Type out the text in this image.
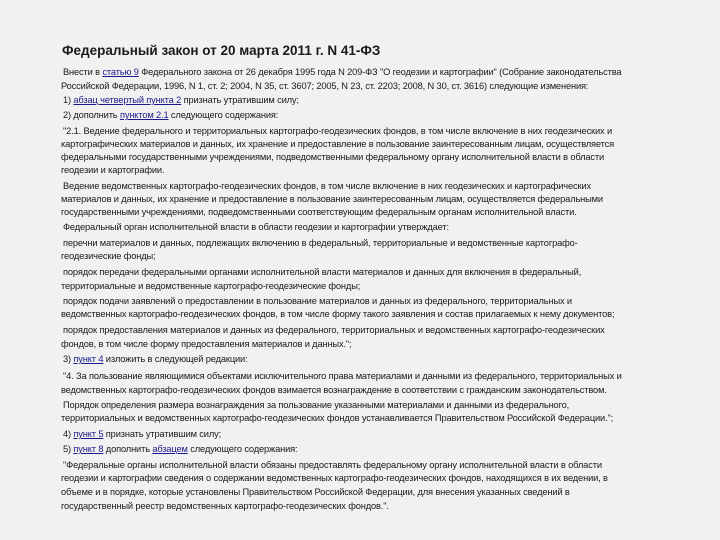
Федеральный закон от 20 марта 2011 г. N 41-ФЗ
Внести в статью 9 Федерального закона от 26 декабря 1995 года N 209-ФЗ "О геодезии и картографии" (Собрание законодательства
Российской Федерации, 1996, N 1, ст. 2; 2004, N 35, ст. 3607; 2005, N 23, ст. 2203; 2008, N 30, ст. 3616) следующие изменения:
1) абзац четвертый пункта 2 признать утратившим силу;
2) дополнить пунктом 2.1 следующего содержания:
"2.1. Ведение федерального и территориальных картографо-геодезических фондов, в том числе включение в них геодезических и
картографических материалов и данных, их хранение и предоставление в пользование заинтересованным лицам, осуществляется
федеральными государственными учреждениями, подведомственными федеральному органу исполнительной власти в области
геодезии и картографии.
Ведение ведомственных картографо-геодезических фондов, в том числе включение в них геодезических и картографических
материалов и данных, их хранение и предоставление в пользование заинтересованным лицам, осуществляется федеральными
государственными учреждениями, подведомственными соответствующим федеральным органам исполнительной власти.
Федеральный орган исполнительной власти в области геодезии и картографии утверждает:
перечни материалов и данных, подлежащих включению в федеральный, территориальные и ведомственные картографо-
геодезические фонды;
порядок передачи федеральными органами исполнительной власти материалов и данных для включения в федеральный,
территориальные и ведомственные картографо-геодезические фонды;
порядок подачи заявлений о предоставлении в пользование материалов и данных из федерального, территориальных и
ведомственных картографо-геодезических фондов, в том числе форму такого заявления и состав прилагаемых к нему документов;
порядок предоставления материалов и данных из федерального, территориальных и ведомственных картографо-геодезических
фондов, в том числе форму предоставления материалов и данных.";
3) пункт 4 изложить в следующей редакции:
"4. За пользование являющимися объектами исключительного права материалами и данными из федерального, территориальных и
ведомственных картографо-геодезических фондов взимается вознаграждение в соответствии с гражданским законодательством.
Порядок определения размера вознаграждения за пользование указанными материалами и данными из федерального,
территориальных и ведомственных картографо-геодезических фондов устанавливается Правительством Российской Федерации.";
4) пункт 5 признать утратившим силу;
5) пункт 8 дополнить абзацем следующего содержания:
"Федеральные органы исполнительной власти обязаны предоставлять федеральному органу исполнительной власти в области
геодезии и картографии сведения о содержании ведомственных картографо-геодезических фондов, находящихся в их ведении, в
объеме и в порядке, которые установлены Правительством Российской Федерации, для внесения указанных сведений в
государственный реестр ведомственных картографо-геодезических фондов.".
